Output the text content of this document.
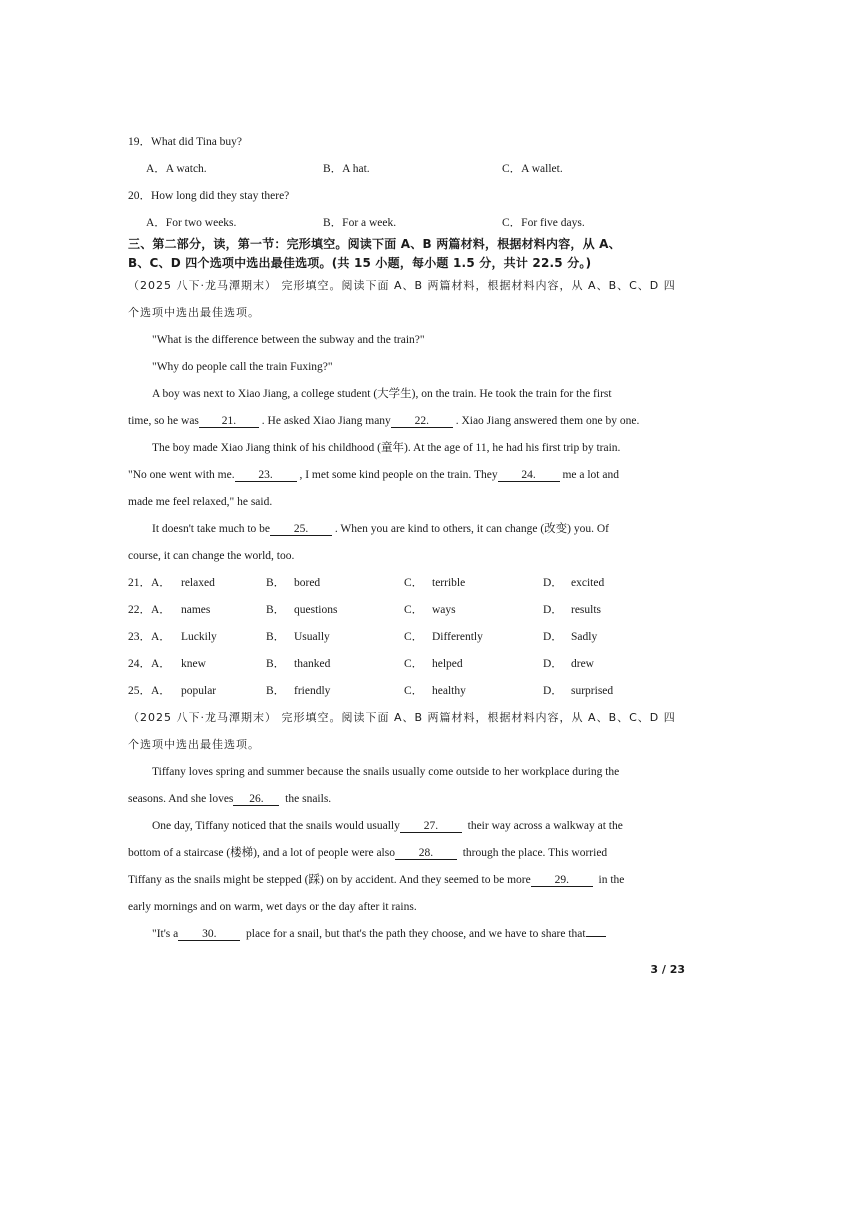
19．What did Tina buy?
A．A watch.	B．A hat.	C．A wallet.
20．How long did they stay there?
A．For two weeks.	B．For a week.	C．For five days.
三、第二部分，读，第一节：完形填空。阅读下面 A、B 两篇材料，根据材料内容，从 A、
B、C、D 四个选项中选出最佳选项。(共 15 小题，每小题 1.5 分，共计 22.5 分。)
（2025 八下·龙马潭期末） 完形填空。阅读下面 A、B 两篇材料，根据材料内容，从 A、B、C、D 四
个选项中选出最佳选项。
"What is the difference between the subway and the train?"
"Why do people call the train Fuxing?"
A boy was next to Xiao Jiang, a college student (大学生), on the train. He took the train for the first
time, so he was 21. . He asked Xiao Jiang many 22. . Xiao Jiang answered them one by one.
The boy made Xiao Jiang think of his childhood (童年). At the age of 11, he had his first trip by train.
"No one went with me. 23. , I met some kind people on the train. They 24. me a lot and
made me feel relaxed," he said.
It doesn't take much to be 25. . When you are kind to others, it can change (改变) you. Of
course, it can change the world, too.
21．A． relaxed	B． bored	C． terrible	D． excited
22．A． names	B． questions	C． ways	D． results
23．A． Luckily	B． Usually	C． Differently	D． Sadly
24．A． knew	B． thanked	C． helped	D． drew
25．A． popular	B． friendly	C． healthy	D． surprised
（2025 八下·龙马潭期末） 完形填空。阅读下面 A、B 两篇材料，根据材料内容，从 A、B、C、D 四
个选项中选出最佳选项。
Tiffany loves spring and summer because the snails usually come outside to her workplace during the
seasons. And she loves 26. the snails.
One day, Tiffany noticed that the snails would usually 27.	their way across a walkway at the
bottom of a staircase (楼梯), and a lot of people were also 28.	through the place. This worried
Tiffany as the snails might be stepped (踩) on by accident. And they seemed to be more 29.	in the
early mornings and on warm, wet days or the day after it rains.
"It's a 30.	place for a snail, but that's the path they choose, and we have to share that
3 / 23
